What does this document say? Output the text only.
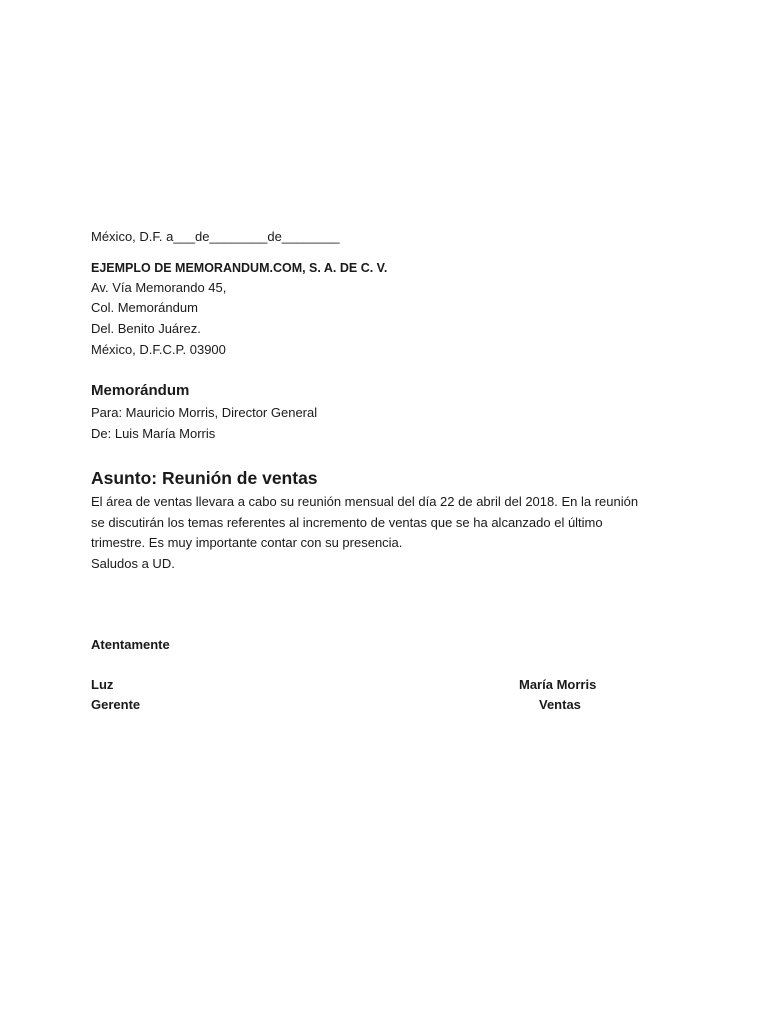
México, D.F. a___de________de________

EJEMPLO DE MEMORANDUM.COM, S. A. DE C. V.

Av. Vía Memorando 45,

Col. Memorándum

Del. Benito Juárez.

México, D.F.C.P. 03900

Memorándum

Para: Mauricio Morris, Director General

De: Luis María Morris

Asunto: Reunión de ventas

El área de ventas llevara a cabo su reunión mensual del día 22 de abril del 2018. En la reunión

se discutirán los temas referentes al incremento de ventas que se ha alcanzado el último

trimestre. Es muy importante contar con su presencia.

Saludos a UD.

Atentamente

Luz

Gerente

María Morris

Ventas
